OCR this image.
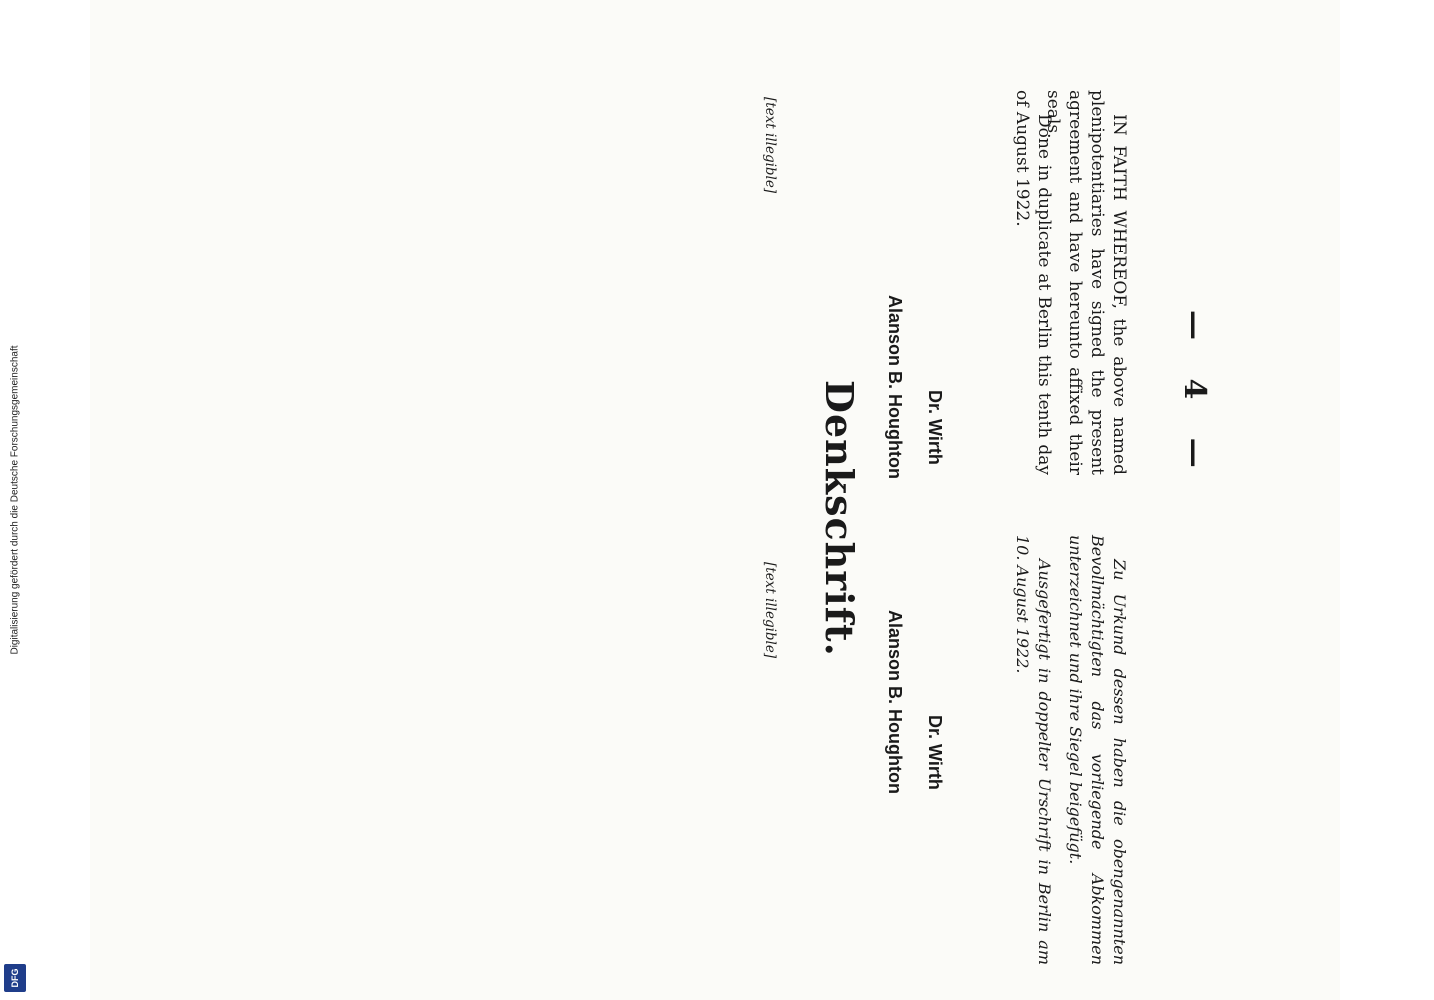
— 4 —
IN FAITH WHEREOF, the above named plenipotentiaries have signed the present agreement and have hereunto affixed their seals.
Done in duplicate at Berlin this tenth day of August 1922.
Dr. Wirth
Alanson B. Houghton

[text illegible]

Zu Urkund dessen haben die obengenannten Bevollmächtigten das vorliegende Abkommen unterzeichnet und ihre Siegel beigefügt.
Ausgefertigt in doppelter Urschrift in Berlin am 10. August 1922.
Dr. Wirth
Alanson B. Houghton

[text illegible] Denkschrift.
Digitalisierung gefördert durch die Deutsche Forschungsgemeinschaft
DFG
